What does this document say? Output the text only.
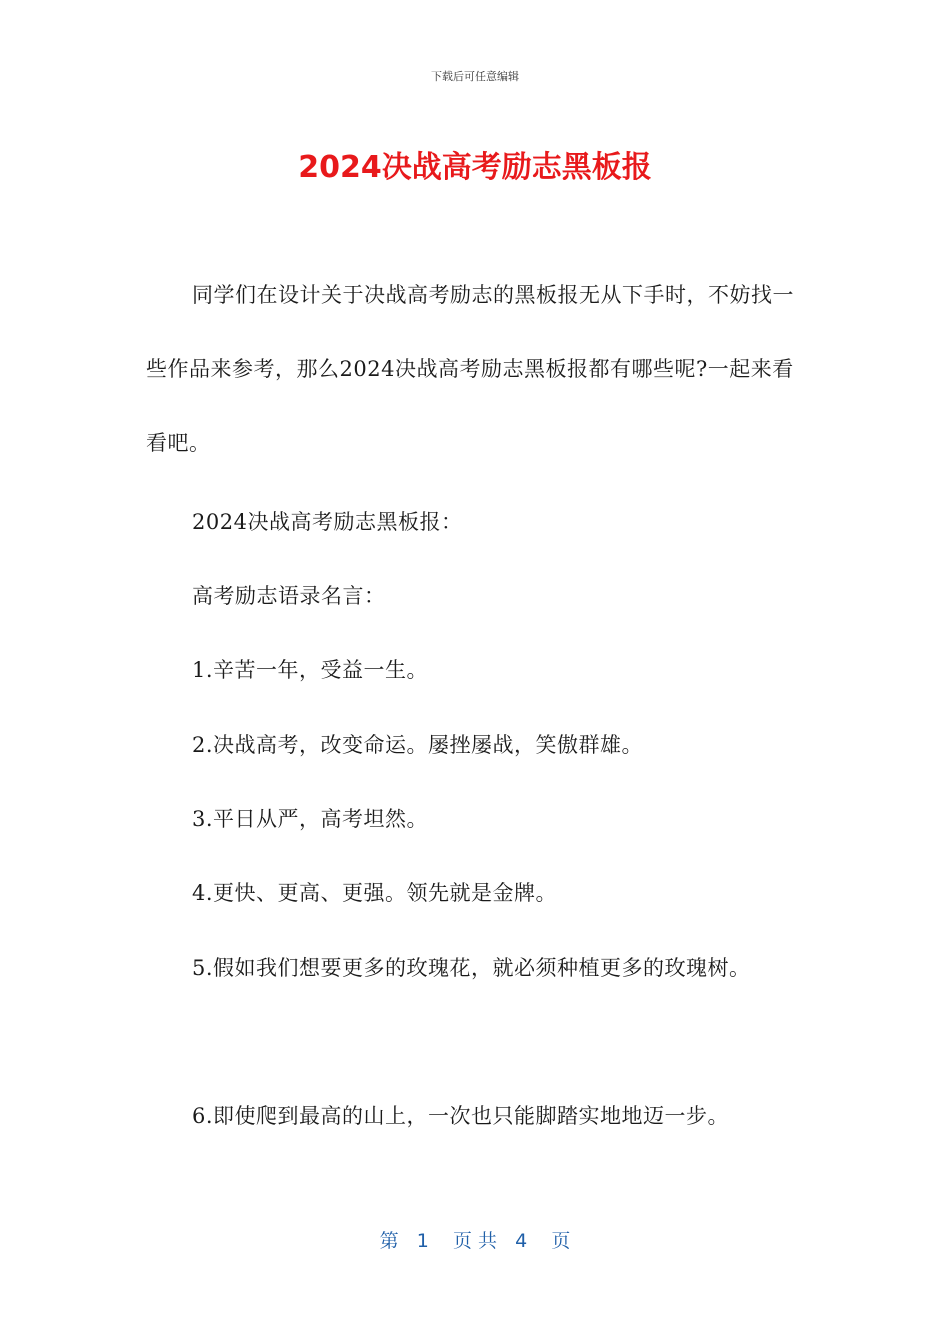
下载后可任意编辑
2024决战高考励志黑板报

同学们在设计关于决战高考励志的黑板报无从下手时，不妨找一些作品来参考，那么2024决战高考励志黑板报都有哪些呢?一起来看看吧。

2024决战高考励志黑板报：

高考励志语录名言：

1.辛苦一年，受益一生。

2.决战高考，改变命运。屡挫屡战，笑傲群雄。

3.平日从严，高考坦然。

4.更快、更高、更强。领先就是金牌。

5.假如我们想要更多的玫瑰花，就必须种植更多的玫瑰树。

6.即使爬到最高的山上，一次也只能脚踏实地地迈一步。

第   1    页 共   4    页
